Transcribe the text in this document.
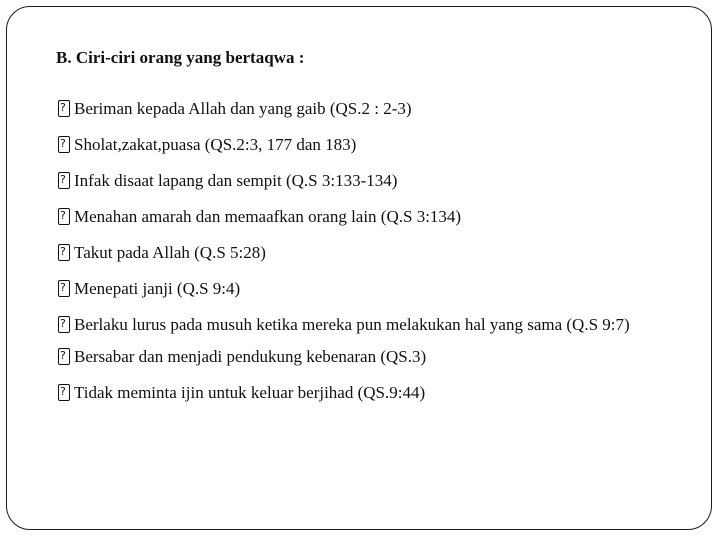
B. Ciri-ciri orang yang bertaqwa :
?
Beriman kepada Allah dan yang gaib (QS.2 : 2-3)
?
Sholat,zakat,puasa (QS.2:3, 177 dan 183)
?
Infak disaat lapang dan sempit (Q.S 3:133-134)
?
Menahan amarah dan memaafkan orang lain (Q.S 3:134)
?
Takut pada Allah (Q.S 5:28)
?
Menepati janji (Q.S 9:4)
?
Berlaku lurus pada musuh ketika mereka pun melakukan hal yang sama (Q.S 9:7)
?
Bersabar dan menjadi pendukung kebenaran (QS.3)
?
Tidak meminta ijin untuk keluar berjihad (QS.9:44)
